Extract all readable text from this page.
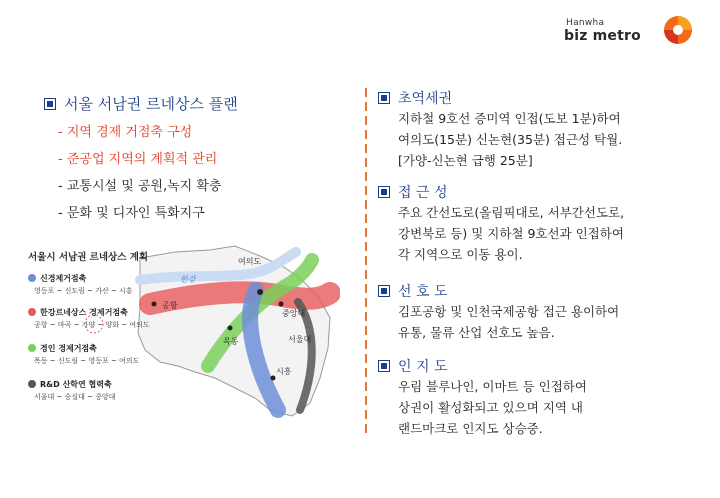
Hanwha
biz metro
서울 서남권 르네상스 플랜
- 지역 경제 거점축 구성
- 준공업 지역의 계획적 관리
- 교통시설 및 공원,녹지 확충
- 문화 및 디자인 특화지구
한강
공항
여의도
목동
중앙대
서울대
시흥
서울시 서남권 르네상스 계획
신경제거점축
영등포 ~ 신도림 ~ 가산 ~ 시흥
한강르네상스 경제거점축
공항 ~ 마곡 ~ 가양 ~ 양화 ~ 여의도
경인 경제거점축
목동 ~ 신도림 ~ 영등포 ~ 여의도
R&D 산학연 협력축
서울대 ~ 숭실대 ~ 중앙대
초역세권
지하철 9호선 증미역 인접(도보 1분)하여
여의도(15분) 신논현(35분) 접근성 탁월.
[가양-신논현 급행 25분]
접 근 성
주요 간선도로(올림픽대로, 서부간선도로,
강변북로 등) 및 지하철 9호선과 인접하여
각 지역으로 이동 용이.
선 호 도
김포공항 및 인천국제공항 접근 용이하여
유통, 물류 산업 선호도 높음.
인 지 도
우림 블루나인, 이마트 등 인접하여
상권이 활성화되고 있으며 지역 내
랜드마크로 인지도 상승중.
